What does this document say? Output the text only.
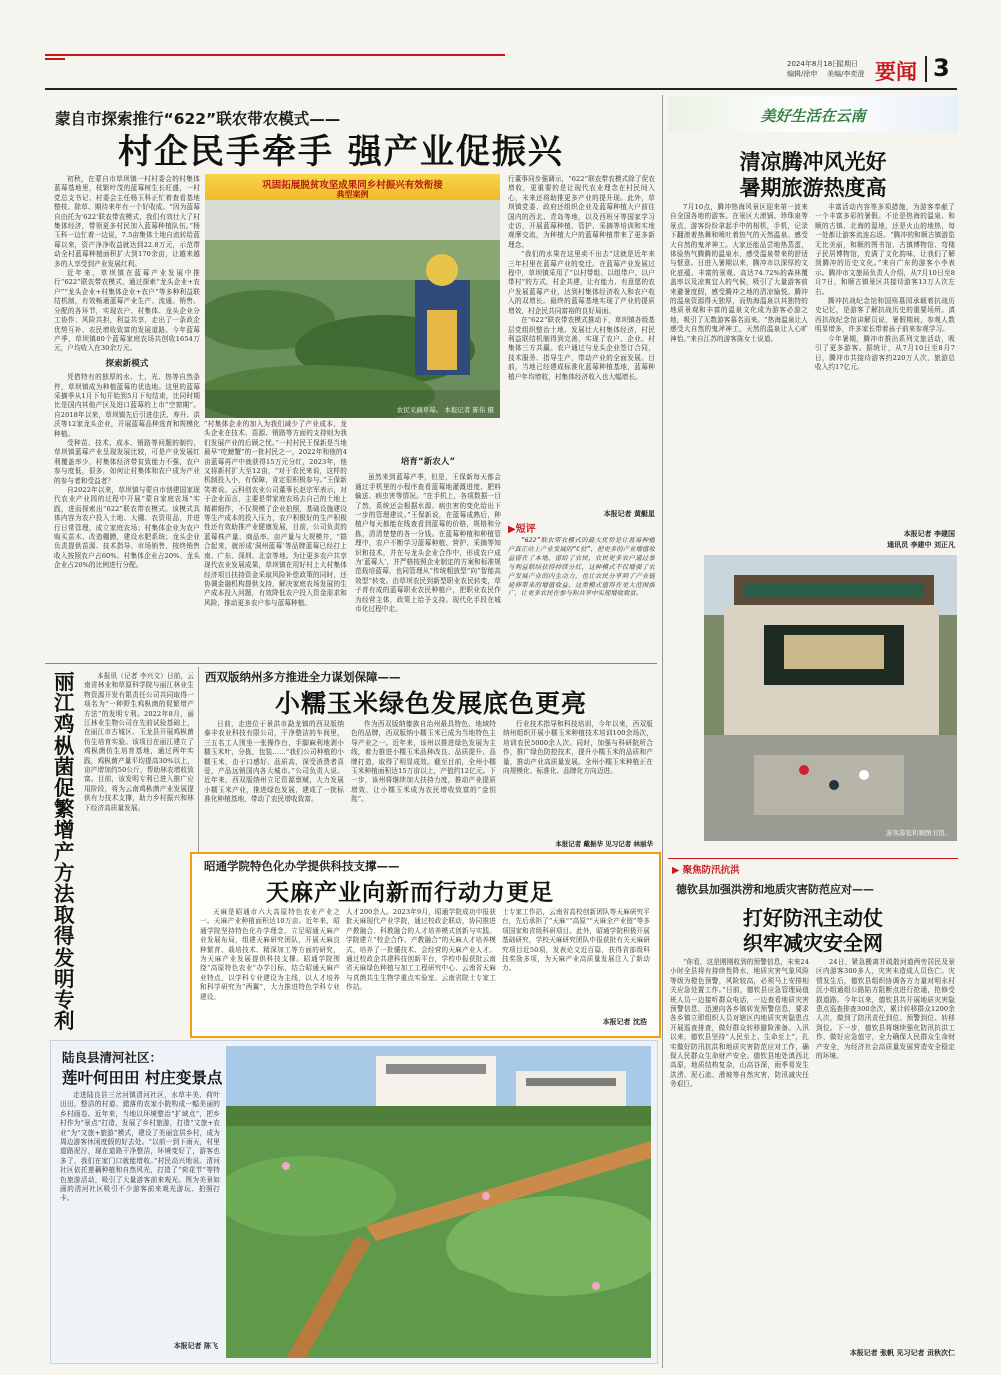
2024年8月18日
星期日
编辑/徐申 美编/李奕澄 要闻 3
蒙自市探索推行“622”联农带农模式——
村企民手牵手 强产业促振兴

初秋，在蒙自市草坝镇一村村委会的村集体蓝莓基地里，枝繁叶茂的蓝莓树生长旺盛，一村党总支书记、村委会主任杨玉科正忙着查看基地整枝、除草、期待来年有一个好收成。“因为蓝莓自由托为‘622’联农带农模式，我们有效壮大了村集体经济，带领更多村民加入蓝莓种植队伍。”杨玉科一边忙着一边说，7.5亩集体土地自流转给蓝莓以来，资产净净收益就达到22.8万元，示范带动全村蓝莓种植面积扩大到170余亩，让越来越多的人享受到产业发展红利。

近年来，草坝镇在蓝莓产业发展中推行“622”联农带农模式，通过探索“龙头企业+农户”“龙头企业+村集体企业+农户”等多种利益联结机制，有效畅通蓝莓产业生产、流通、销售、分配的各环节，实现农户、村集体、龙头企业分工协作、风险共担，利益共享，走出了一条政企优势互补、农民增收致富的发展道路。今年蓝莓产季，草坝镇80个蓝莓家庭农场共创收1654万元，户均收入在30余万元。

探索新模式

凭借特有的独厚的水、土、光、热等自然条件，草坝镇成为种植蓝莓的优选地。这里的蓝莓采摘季从1月下旬开始到5月下旬结束，比同时期比是国内其他产区及进口蓝莓的上市“空窗期”。自2018年以来，草坝镇先后引进佳沃、寿升、洪沃等12家龙头企业，开展蓝莓品种选育和规模化种植。

受种苗、技术、成本、销路等问题的制约，草坝镇蓝莓产业呈现发展比较，可是产业发展红利覆盖率少，村集体经济带贫致能力不强，农户参与度低，很多，如何让村集体和农户成为产业的参与者和受益者？

自2022年以来，草坝镇与蒙自市创建国家现代农业产业园的过程中开展“蒙自家庭农场”实践，进而探索出“622”联农带农模式。该模式具体内容为农户投入土地、大棚、农资用品，并进行日常管理，成立家庭农场；村集体企业为农户购买苗木、改造棚膜，建设水肥系统；龙头企业负责提供苗源、技术指导、市场销售，按终销售收入按照农户占60%、村集体企业占20%、龙头企业占20%的比例进行分配。

巩固拓展脱贫攻坚成果同乡村振兴有效衔接
典型案例
农民采摘草莓。 本报记者 陈伟 摄
“村集体企业的加入为我们减少了产业成本，龙头企业在技术、苗源、销路等方面的支持则为我们发展产业的后顾之忧。”一村村民王保新是当地最早“吃螃蟹”的一批村民之一，2022年和他的4亩蓝莓再产中就获得15万元分红，2023年，他又将新村扩大至12亩，“对于农民来说，这样的机制投入小，有保障，肯定很积极参与。”王保新笑着说。云科创农业公司董事长赵宗军表示，对于企业而言，主要是带家庭农场去自己的土地上精耕细作，不仅规模了企业拍照，基础设施建设等生产成本的投入压力，农户积极好的生产积极性还有效助推产业健康发展，目前，公司负责的蓝莓株产量、商品率、亩产量与大规模井，“群合起来，就形成‘洞州蓝莓’等品牌蓝莓已经打上南、广东、深圳、北京等地。为让更多农户共享现代农业发展成果，草坝镇在用好村上大村集体经济项目扶持资金采取风险补偿政策的同时，还协调金融机构提供支持，解决家庭农场发展的生产成本投入问题，有效降低农户投入资金需求和风险，推动更多农户参与蓝莓种植。
培育“新农人”

虽然来到蓝莓产季，但是，王保新每天都会通过手机里的小程序查看蓝莓地灌溉进度、肥料输送、病虫害等情况。“在手机上，各项数据一目了然，系统还会根据水源、病虫害的变化给出下一步的管理建议。”王保新说，在蓝莓成熟后，种植户每天都能在线查看到蓝莓的价格，规格和分拣，清清楚楚的各一分钱。在蓝莓种植和种植管理中，农户不断学习蓝莓种植、营护、采摘等知识和技术，并在与龙头企业合作中，形成农户成为‘蓝莓人’，并严格按照企业制定的方案和标准规范栽培蓝莓，也同管理从“传统粗放型”向“智能高效型”转变。由草坝农民到新型职业农民转变，草子育有成的蓝莓职业农民种植户，把职业农民作为经营主体，政策上给予支持。现代化手段在城市化过程中走。

行董事同步强调示，“622”联农带农模式除了促农增收，更重要的是让现代农业理念在村民间入心，未来还将助推更多产业的提升现。此外，草坝镇党委、政府还组织企业及蓝莓种植大户前往国内的西北、青岛等地，以及西班牙等国家学习走访，开展蓝莓种植、管护、采摘等培训和实地观摩交流，为种植大户的蓝莓种植带来了更多新理念。

“我们的水果在这里卖不出去”这就是近年来三年村里在蓝莓产业的变迁。在蓝莓产业发展过程中，草坝镇采用了“以村带组、以组带户、以户带村”的方式，村企共建，让有能力、有意愿的农户发展蓝莓产业，达到村集体经济收入和农户收入的双增长。最终的蓝莓基地实现了产业的提质增效，村企民共同富裕的良好局面。

在“622”联农带农模式推动下，草坝镇各级基层党组织整治土地、发展壮大村集体经济，村民利益联结机制得到完善，实现了农户、企业、村集体三方共赢。农户通过与龙头企业签订合同，技术服务、指导生产，带动产业的全面发展。目前，当地已经建成标准化蓝莓种植基地，蓝莓种植户年均增收，村集体经济收入也大幅增长。

本报记者 黄艇星
▶短评
“622”联农带农模式的最大优势是让蓝莓种植户真正站上产业发展的“C位”，把更多的产业增值收益留在了本地，留给了农民，农民更多农户通过参与利益联结获得持续分红，这种模式不仅增强了农户发展产业的内生动力，也让农民分享到了产业链延伸带来的增值收益。这类模式值得在更大范围推广，让更多农民在参与和共享中实现增收致富。
美好生活在云南
清凉腾冲风光好
暑期旅游热度高
7月10点，腾冲热海风景区迎来第一波来自全国各地的游客。在景区大滚锅、珍珠泉等景点，游客纷纷拿起手中的相机，手机，记录下翻滚着热舞和喷吐着热气的天然温泉。感受大自然的鬼斧神工。大家还能品尝地热蒸蛋，体验热气腾腾的温泉水，感受温泉带来的舒适与惬意。日进入暑期以来，腾冲市以深厚的文化底蕴、丰富的景观、高达74.72%的森林覆盖率以及凉爽宜人的气候，吸引了大量游客前来避暑度假，感受腾冲之地的清凉愉悦。腾冲的温泉资源得天独厚，而热海温泉以其独特的地质景观和丰富的温泉文化成为游客必游之地，吸引了无数游客慕名而来。“热海温泉让人感受大自然的鬼斧神工，天然的温泉让人心旷神怡。”来自江苏的游客陈女士说道。

丰富活动内容等多项措施，为游客奉献了一个丰富多彩的暑假。不论是热海的温泉、和顺的古镇、北海的湿地，还是火山的地热，每一处都让游客流连忘返。“腾冲的和顺古镇游览无比美丽，和顺的图书馆、古镇博物馆、弯楼子民居博物馆，充满了文化韵味，让我们了解到腾冲的历史文化。”来自广东的游客小李表示。腾冲市文旅局负责人介绍，从7月10日至8月7日，和顺古镇景区共接待游客13万人次左右。

腾冲抗战纪念馆和国殇墓园承载着抗战历史记忆，是游客了解抗战历史的重要场所。滇西抗战纪念馆讲解员说，暑假期间，参观人数明显增多，许多家长带着孩子前来参观学习。

今年暑期，腾冲市推出系列文旅活动，吸引了更多游客。据统计，从7月10日至8月7日，腾冲市共接待游客约220万人次，旅游总收入约17亿元。

本报记者 李建国
通讯员 李建中 刘正凡
游客游览和顺图书馆。
▶ 聚焦防汛抗洪
德钦县加强洪涝和地质灾害防范应对——
打好防汛主动仗
织牢减灾安全网
“你看，这是刚刚收到的预警信息，未来24小时全县将有持续性降水，地质灾害气象风险等级为橙色预警，风险较高，必须马上安排相关应急处置工作。”日前，德钦县应急管理局值班人员一边接听群众电话，一边查看地质灾害预警信息，迅速向各乡镇转发预警信息，要求各乡镇立即组织人员对辖区内地质灾害隐患点开展巡查排查，做好群众转移避险准备。入汛以来，德钦县坚持“人民至上、生命至上”，扎实做好防汛抗洪和地质灾害防范应对工作，确保人民群众生命财产安全。德钦县地处滇西北高原，地质结构复杂，山高谷深，雨季易发生洪涝、泥石流、滑坡等自然灾害，防汛减灾任务艰巨。
24日，紧急搬离并疏散河道两旁居民及景区内游客300多人，灾害未造成人员伤亡。灾情发生后，德钦县组织协调各方力量对明永村沉小组通组公路陷方阻断点进行抢通，抢修受损道路。今年以来，德钦县共开展地质灾害隐患点巡查排查300余次，累计转移群众1200余人次，做到了防汛责任到位、预警到位、转移到位。下一步，德钦县将继续强化防汛抗洪工作，做好应急值守，全力确保人民群众生命财产安全，为经济社会高质量发展营造安全稳定的环境。
本报记者 张帆 见习记者 贡秋次仁
西双版纳州多方推进全力谋划保障——
小糯玉米绿色发展底色更亮
日前，走进位于景洪市勐龙镇的西双版纳泰丰农业科技有限公司，干净整洁的车间里，三五名工人围坐一张操作台，手脚麻利地剥小糯玉米叶，分拣，包装……“我们公司种植的小糯玉米，由于口感好、品质高，深受消费者喜爱，产品远销国内各大城市。”公司负责人说。近年来，西双版纳州立足资源禀赋，大力发展小糯玉米产业，推进绿色发展，建成了一批标准化种植基地，带动了农民增收致富。
作为西双版纳傣族自治州最具特色、地域特色的品牌，西双版纳小糯玉米已成为当地特色主导产业之一。近年来，该州以推进绿色发展为主线，着力推进小糯玉米品种改良、品质提升、品牌打造，取得了明显成效。截至目前，全州小糯玉米种植面积达15万亩以上，产值约12亿元。下一步，该州将继续加大扶持力度，推动产业提质增效，让小糯玉米成为农民增收致富的“金钥匙”。
行业技术指导和科技培训，今年以来，西双版纳州组织开展小糯玉米种植技术培训100余场次，培训农民5000余人次。同时，加强与科研院所合作，推广绿色防控技术，提升小糯玉米的品质和产量，推动产业高质量发展。全州小糯玉米种植正在向规模化、标准化、品牌化方向迈进。
本报记者 戴振华 见习记者 林丽华
丽江鸡枞菌促繁增产方法取得发明专利
本报讯（记者 李兴文）日前，云南省林业和草原科学院与丽江林业生物资源开发有限责任公司共同取得一项名为“一种野生鸡枞菌的促繁增产方法”的发明专利。2022年8月，丽江林业生物公司在先前试验基础上，在丽江市古城区、玉龙县开展鸡枞菌仿生培育实验。该项目在丽江建立了鸡枞菌仿生培育基地，通过两年实践，鸡枞菌产量平均提高30%以上，亩产增加约50公斤，帮助林农增收致富。目前，该发明专利已进入推广应用阶段，将为云南鸡枞菌产业发展提供有力技术支撑，助力乡村振兴和林下经济高质量发展。
昭通学院特色化办学提供科技支撑——
天麻产业向新而行动力更足
天麻是昭通市六大高原特色农业产业之一。天麻产业种植面积达10万亩。近年来，昭通学院坚持特色化办学理念，立足昭通天麻产业发展布局，组建天麻研究团队，开展天麻良种繁育、栽培技术、精深加工等方面的研究，为天麻产业发展提供科技支撑。昭通学院围绕“高原特色农业”办学目标，结合昭通天麻产业特点，以学科专业建设为主线，以人才培养和科学研究为“两翼”，大力推进特色学科专业建设。
人才200余人。2023年9月，昭通学院成功申报获批天麻现代产业学院，通过校政企联动，协同推进产教融合、科教融合的人才培养模式创新与实践。学院建立“校企合作、产教融合”的天麻人才培养模式，培养了一批懂技术、会经营的天麻产业人才。通过校政企共建科技创新平台，学校申报获批云南省天麻绿色种植与加工工程研究中心、云南省天麻与真菌共生生物学重点实验室、云南省院士专家工作站。
士专家工作站，云南省高校创新团队等天麻研究平台，先后承担了“天麻”“高原”“天麻全产业链”等多项国家和省级科研项目。此外，昭通学院积极开展基础研究，学校天麻研究团队申报获批有关天麻研究项目近50项，发表论文近百篇，获得省部级科技奖励多项，为天麻产业高质量发展注入了新动力。
本报记者 沈浩
陆良县清河社区：
莲叶何田田 村庄变景点
走进陆良县三岔河镇清河社区，水草丰美、荷叶田田，整洁的村道、錯落的农家小院构成一幅美丽的乡村画卷。近年来，当地以环境整治“扩域点”，把乡村作为“景点”打造，发展了乡村旅游，打造“文旅+农业”为“文旅+旅游”模式，建设了美丽宜居乡村，成为周边游客休闲度假的好去处。“以前一到下雨天，村里道路泥泞，现在道路干净整洁，环境变好了，游客也多了，我们在家门口就能增收。”村民高兴地说。清河社区依托莲藕种植和自然风光，打造了“荷花节”等特色旅游活动，吸引了大量游客前来观光。图为美景如画的清河社区吸引不少游客前来观光游玩、拍照打卡。
本报记者 陈飞
